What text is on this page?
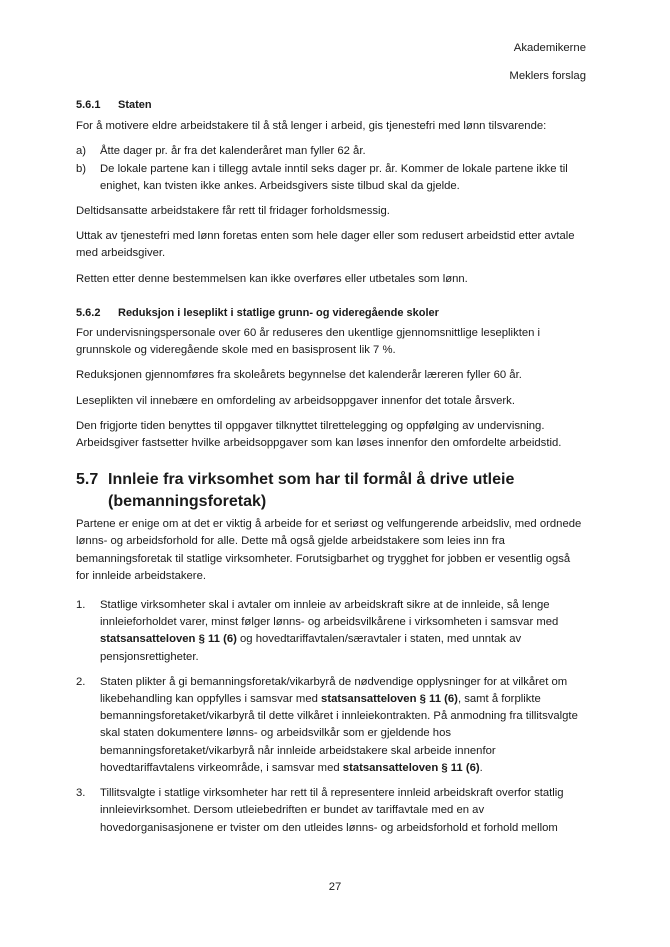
Akademikerne
Meklers forslag
5.6.1	Staten

For å motivere eldre arbeidstakere til å stå lenger i arbeid, gis tjenestefri med lønn tilsvarende:

a)	Åtte dager pr. år fra det kalenderåret man fyller 62 år.
b)	De lokale partene kan i tillegg avtale inntil seks dager pr. år. Kommer de lokale partene ikke til enighet, kan tvisten ikke ankes. Arbeidsgivers siste tilbud skal da gjelde.

Deltidsansatte arbeidstakere får rett til fridager forholdsmessig.

Uttak av tjenestefri med lønn foretas enten som hele dager eller som redusert arbeidstid etter avtale med arbeidsgiver.

Retten etter denne bestemmelsen kan ikke overføres eller utbetales som lønn.

5.6.2	Reduksjon i leseplikt i statlige grunn- og videregående skoler

For undervisningspersonale over 60 år reduseres den ukentlige gjennomsnittlige leseplikten i grunnskole og videregående skole med en basisprosent lik 7 %.

Reduksjonen gjennomføres fra skoleårets begynnelse det kalenderår læreren fyller 60 år.

Leseplikten vil innebære en omfordeling av arbeidsoppgaver innenfor det totale årsverk.

Den frigjorte tiden benyttes til oppgaver tilknyttet tilrettelegging og oppfølging av undervisning. Arbeidsgiver fastsetter hvilke arbeidsoppgaver som kan løses innenfor den omfordelte arbeidstid.

5.7 Innleie fra virksomhet som har til formål å drive utleie (bemanningsforetak)

Partene er enige om at det er viktig å arbeide for et seriøst og velfungerende arbeidsliv, med ordnede lønns- og arbeidsforhold for alle. Dette må også gjelde arbeidstakere som leies inn fra bemanningsforetak til statlige virksomheter. Forutsigbarhet og trygghet for jobben er vesentlig også for innleide arbeidstakere.

1.	Statlige virksomheter skal i avtaler om innleie av arbeidskraft sikre at de innleide, så lenge innleieforholdet varer, minst følger lønns- og arbeidsvilkårene i virksomheten i samsvar med statsansatteloven § 11 (6) og hovedtariffavtalen/særavtaler i staten, med unntak av pensjonsrettigheter.
2.	Staten plikter å gi bemanningsforetak/vikarbyrå de nødvendige opplysninger for at vilkåret om likebehandling kan oppfylles i samsvar med statsansatteloven § 11 (6), samt å forplikte bemanningsforetaket/vikarbyrå til dette vilkåret i innleiekontrakten. På anmodning fra tillitsvalgte skal staten dokumentere lønns- og arbeidsvilkår som er gjeldende hos bemanningsforetaket/vikarbyrå når innleide arbeidstakere skal arbeide innenfor hovedtariffavtalens virkeområde, i samsvar med statsansatteloven § 11 (6).
3.	Tillitsvalgte i statlige virksomheter har rett til å representere innleid arbeidskraft overfor statlig innleievirksomhet. Dersom utleiebedriften er bundet av tariffavtale med en av hovedorganisasjonene er tvister om den utleides lønns- og arbeidsforhold et forhold mellom
27
